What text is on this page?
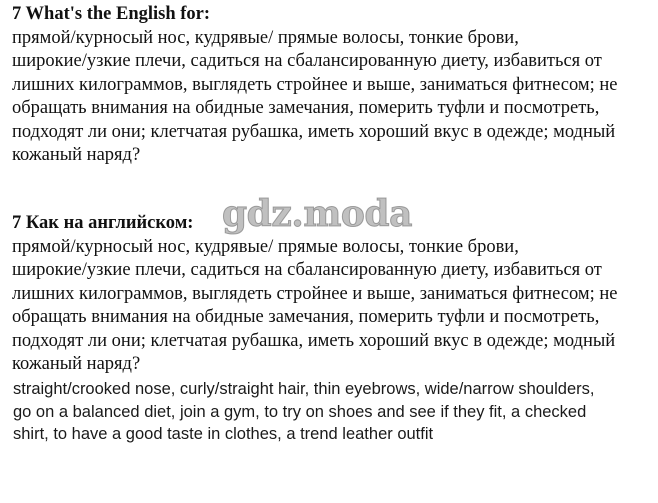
7 What's the English for:
прямой/курносый нос, кудрявые/ прямые волосы, тонкие брови,
широкие/узкие плечи, садиться на сбалансированную диету, избавиться от
лишних килограммов, выглядеть стройнее и выше, заниматься фитнесом; не
обращать внимания на обидные замечания, померить туфли и посмотреть,
подходят ли они; клетчатая рубашка, иметь хороший вкус в одежде; модный
кожаный наряд?
7 Как на английском:
прямой/курносый нос, кудрявые/ прямые волосы, тонкие брови,
широкие/узкие плечи, садиться на сбалансированную диету, избавиться от
лишних килограммов, выглядеть стройнее и выше, заниматься фитнесом; не
обращать внимания на обидные замечания, померить туфли и посмотреть,
подходят ли они; клетчатая рубашка, иметь хороший вкус в одежде; модный
кожаный наряд?
gdz.moda
straight/crooked nose, curly/straight hair, thin eyebrows, wide/narrow shoulders,
go on a balanced diet, join a gym, to try on shoes and see if they fit, a checked
shirt, to have a good taste in clothes, a trend leather outfit
